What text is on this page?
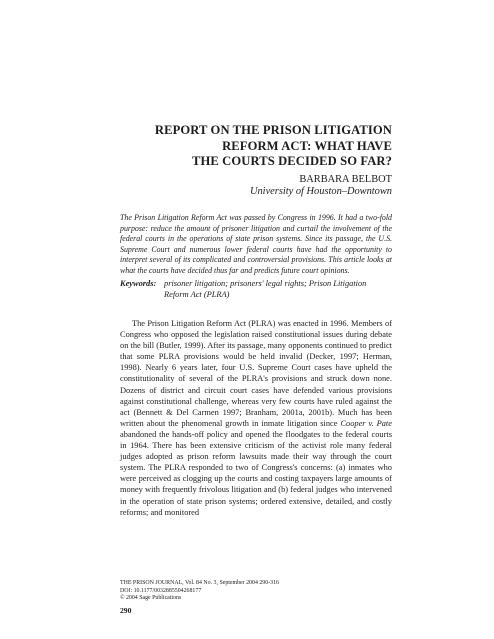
REPORT ON THE PRISON LITIGATION
REFORM ACT: WHAT HAVE
THE COURTS DECIDED SO FAR?
BARBARA BELBOT
University of Houston–Downtown
The Prison Litigation Reform Act was passed by Congress in 1996. It had a two-fold purpose: reduce the amount of prisoner litigation and curtail the involvement of the federal courts in the operations of state prison systems. Since its passage, the U.S. Supreme Court and numerous lower federal courts have had the opportunity to interpret several of its complicated and controversial provisions. This article looks at what the courts have decided thus far and predicts future court opinions.
Keywords: prisoner litigation; prisoners' legal rights; Prison Litigation Reform Act (PLRA)

The Prison Litigation Reform Act (PLRA) was enacted in 1996. Members of Congress who opposed the legislation raised constitutional issues during debate on the bill (Butler, 1999). After its passage, many opponents continued to predict that some PLRA provisions would be held invalid (Decker, 1997; Herman, 1998). Nearly 6 years later, four U.S. Supreme Court cases have upheld the constitutionality of several of the PLRA's provisions and struck down none. Dozens of district and circuit court cases have defended various provisions against constitutional challenge, whereas very few courts have ruled against the act (Bennett & Del Carmen 1997; Branham, 2001a, 2001b). Much has been written about the phenomenal growth in inmate litigation since Cooper v. Pate abandoned the hands-off policy and opened the floodgates to the federal courts in 1964. There has been extensive criticism of the activist role many federal judges adopted as prison reform lawsuits made their way through the court system. The PLRA responded to two of Congress's concerns: (a) inmates who were perceived as clogging up the courts and costing taxpayers large amounts of money with frequently frivolous litigation and (b) federal judges who intervened in the operation of state prison systems; ordered extensive, detailed, and costly reforms; and monitored

THE PRISON JOURNAL, Vol. 84 No. 3, September 2004 290-316
DOI: 10.1177/0032885504268177
© 2004 Sage Publications
290
